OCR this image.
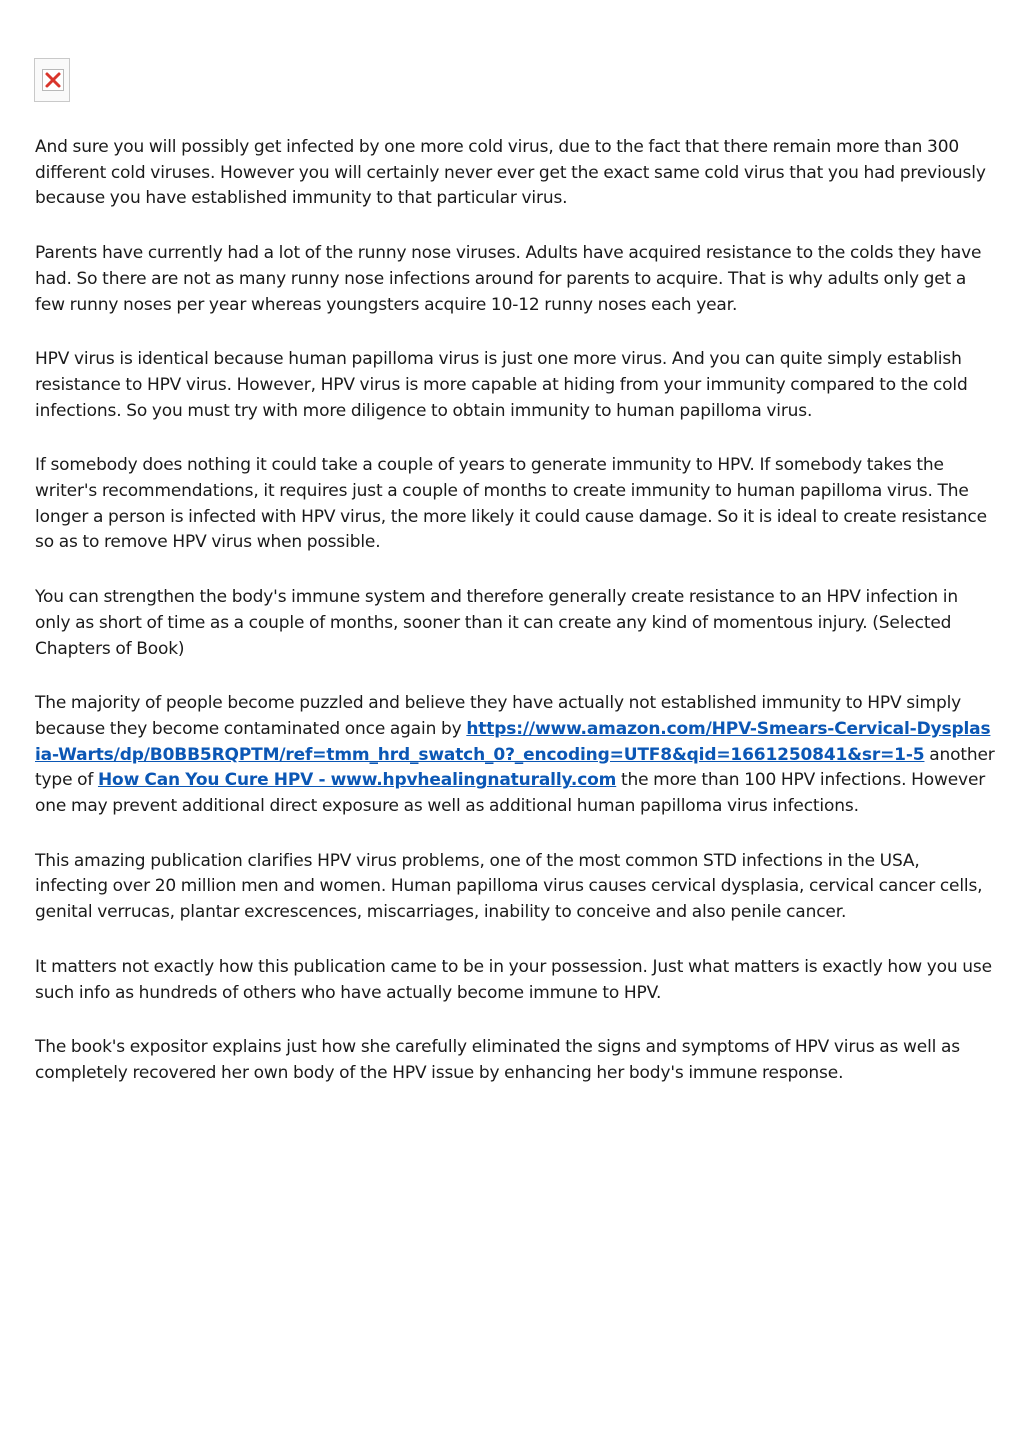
And sure you will possibly get infected by one more cold virus, due to the fact that there remain more than 300 different cold viruses. However you will certainly never ever get the exact same cold virus that you had previously because you have established immunity to that particular virus.

Parents have currently had a lot of the runny nose viruses. Adults have acquired resistance to the colds they have had. So there are not as many runny nose infections around for parents to acquire. That is why adults only get a few runny noses per year whereas youngsters acquire 10-12 runny noses each year.

HPV virus is identical because human papilloma virus is just one more virus. And you can quite simply establish resistance to HPV virus. However, HPV virus is more capable at hiding from your immunity compared to the cold infections. So you must try with more diligence to obtain immunity to human papilloma virus.

If somebody does nothing it could take a couple of years to generate immunity to HPV. If somebody takes the writer's recommendations, it requires just a couple of months to create immunity to human papilloma virus. The longer a person is infected with HPV virus, the more likely it could cause damage. So it is ideal to create resistance so as to remove HPV virus when possible.

You can strengthen the body's immune system and therefore generally create resistance to an HPV infection in only as short of time as a couple of months, sooner than it can create any kind of momentous injury. (Selected Chapters of Book)

The majority of people become puzzled and believe they have actually not established immunity to HPV simply because they become contaminated once again by https://www.amazon.com/HPV-Smears-Cervical-Dysplasia-Warts/dp/B0BB5RQPTM/ref=tmm_hrd_swatch_0?_encoding=UTF8&qid=1661250841&sr=1-5 another type of How Can You Cure HPV - www.hpvhealingnaturally.com the more than 100 HPV infections. However one may prevent additional direct exposure as well as additional human papilloma virus infections.

This amazing publication clarifies HPV virus problems, one of the most common STD infections in the USA, infecting over 20 million men and women. Human papilloma virus causes cervical dysplasia, cervical cancer cells, genital verrucas, plantar excrescences, miscarriages, inability to conceive and also penile cancer.

It matters not exactly how this publication came to be in your possession. Just what matters is exactly how you use such info as hundreds of others who have actually become immune to HPV.

The book's expositor explains just how she carefully eliminated the signs and symptoms of HPV virus as well as completely recovered her own body of the HPV issue by enhancing her body's immune response.
